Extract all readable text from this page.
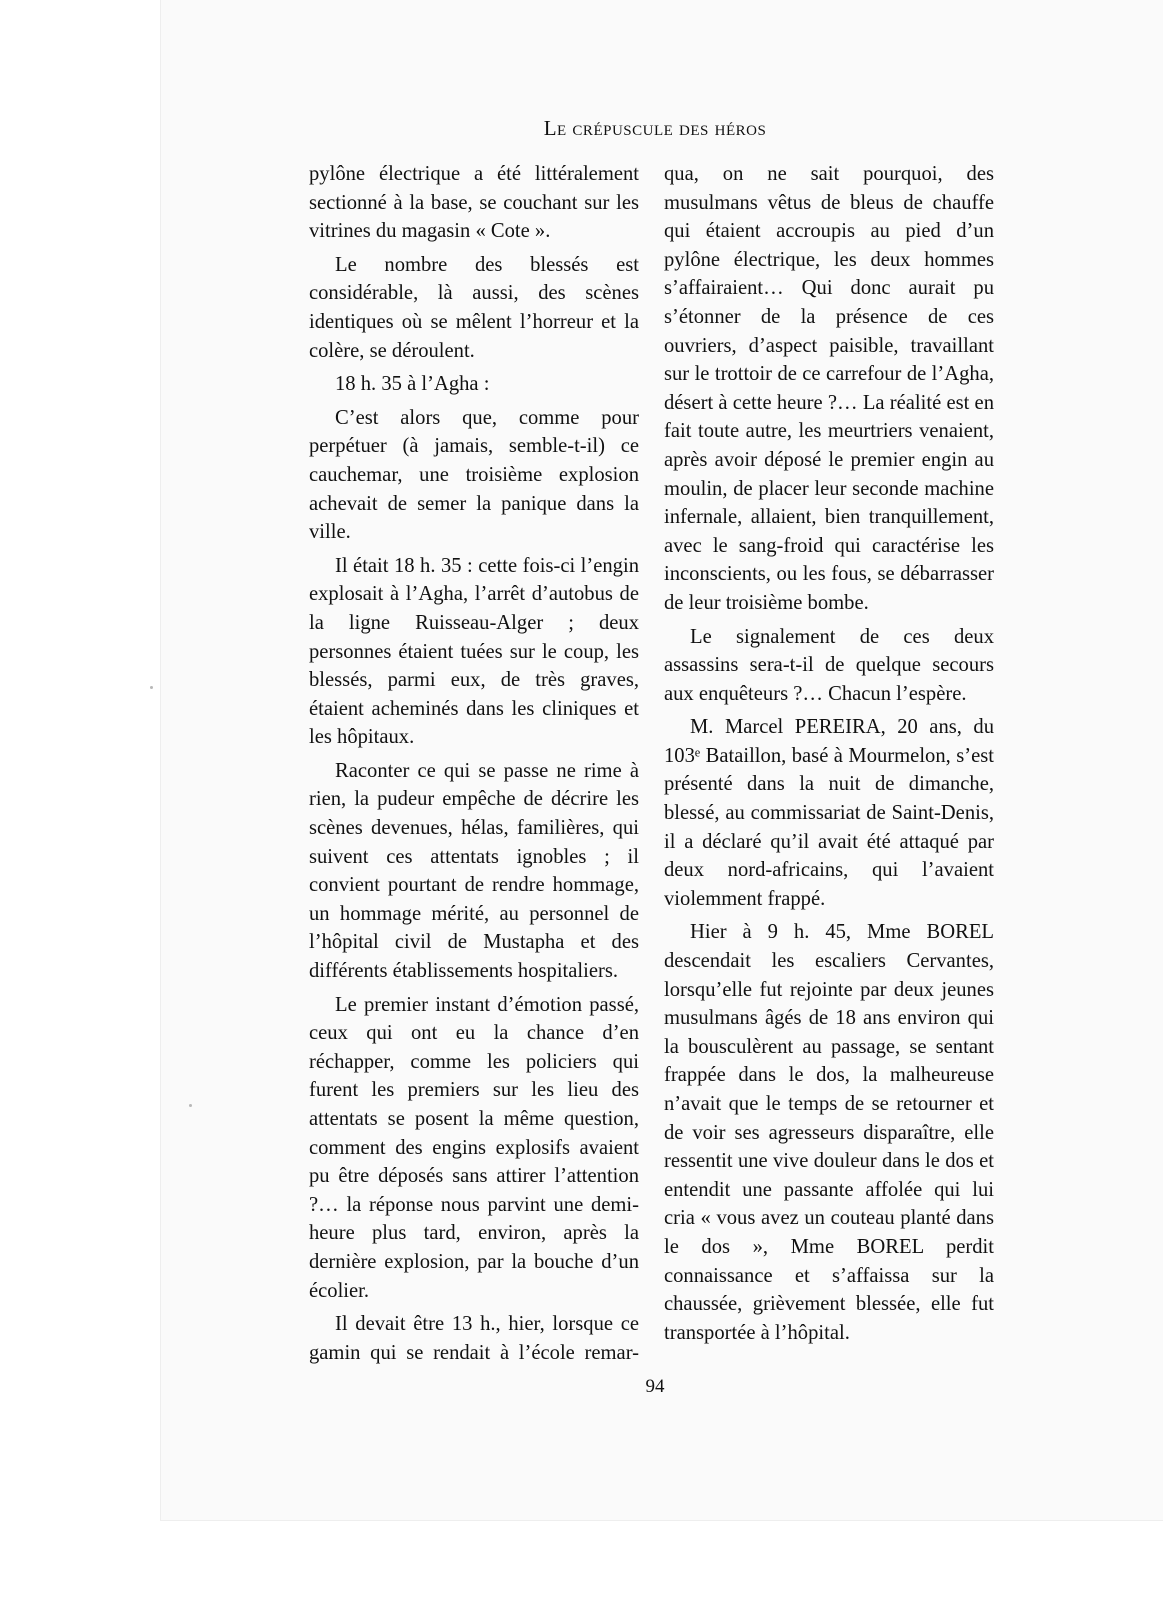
Le crépuscule des héros

pylône électrique a été littéralement sectionné à la base, se couchant sur les vitrines du magasin « Cote ».

Le nombre des blessés est considérable, là aussi, des scènes identiques où se mêlent l’horreur et la colère, se déroulent.

18 h. 35 à l’Agha :

C’est alors que, comme pour perpétuer (à jamais, semble-t-il) ce cauchemar, une troisième explosion achevait de semer la panique dans la ville.

Il était 18 h. 35 : cette fois-ci l’engin explosait à l’Agha, l’arrêt d’autobus de la ligne Ruisseau-Alger ; deux personnes étaient tuées sur le coup, les blessés, parmi eux, de très graves, étaient acheminés dans les cliniques et les hôpitaux.

Raconter ce qui se passe ne rime à rien, la pudeur empêche de décrire les scènes devenues, hélas, familières, qui suivent ces attentats ignobles ; il convient pourtant de rendre hommage, un hommage mérité, au personnel de l’hôpital civil de Mustapha et des différents établissements hospitaliers.

Le premier instant d’émotion passé, ceux qui ont eu la chance d’en réchapper, comme les policiers qui furent les premiers sur les lieu des attentats se posent la même question, comment des engins explosifs avaient pu être déposés sans attirer l’attention ?… la réponse nous parvint une demi-heure plus tard, environ, après la dernière explosion, par la bouche d’un écolier.

Il devait être 13 h., hier, lorsque ce gamin qui se rendait à l’école remar-

qua, on ne sait pourquoi, des musulmans vêtus de bleus de chauffe qui étaient accroupis au pied d’un pylône électrique, les deux hommes s’affairaient… Qui donc aurait pu s’étonner de la présence de ces ouvriers, d’aspect paisible, travaillant sur le trottoir de ce carrefour de l’Agha, désert à cette heure ?… La réalité est en fait toute autre, les meurtriers venaient, après avoir déposé le premier engin au moulin, de placer leur seconde machine infernale, allaient, bien tranquillement, avec le sang-froid qui caractérise les inconscients, ou les fous, se débarrasser de leur troisième bombe.

Le signalement de ces deux assassins sera-t-il de quelque secours aux enquêteurs ?… Chacun l’espère.

M. Marcel PEREIRA, 20 ans, du 103ᵉ Bataillon, basé à Mourmelon, s’est présenté dans la nuit de dimanche, blessé, au commissariat de Saint-Denis, il a déclaré qu’il avait été attaqué par deux nord-africains, qui l’avaient violemment frappé.

Hier à 9 h. 45, Mme BOREL descendait les escaliers Cervantes, lorsqu’elle fut rejointe par deux jeunes musulmans âgés de 18 ans environ qui la bousculèrent au passage, se sentant frappée dans le dos, la malheureuse n’avait que le temps de se retourner et de voir ses agresseurs disparaître, elle ressentit une vive douleur dans le dos et entendit une passante affolée qui lui cria « vous avez un couteau planté dans le dos », Mme BOREL perdit connaissance et s’affaissa sur la chaussée, grièvement blessée, elle fut transportée à l’hôpital.

94
